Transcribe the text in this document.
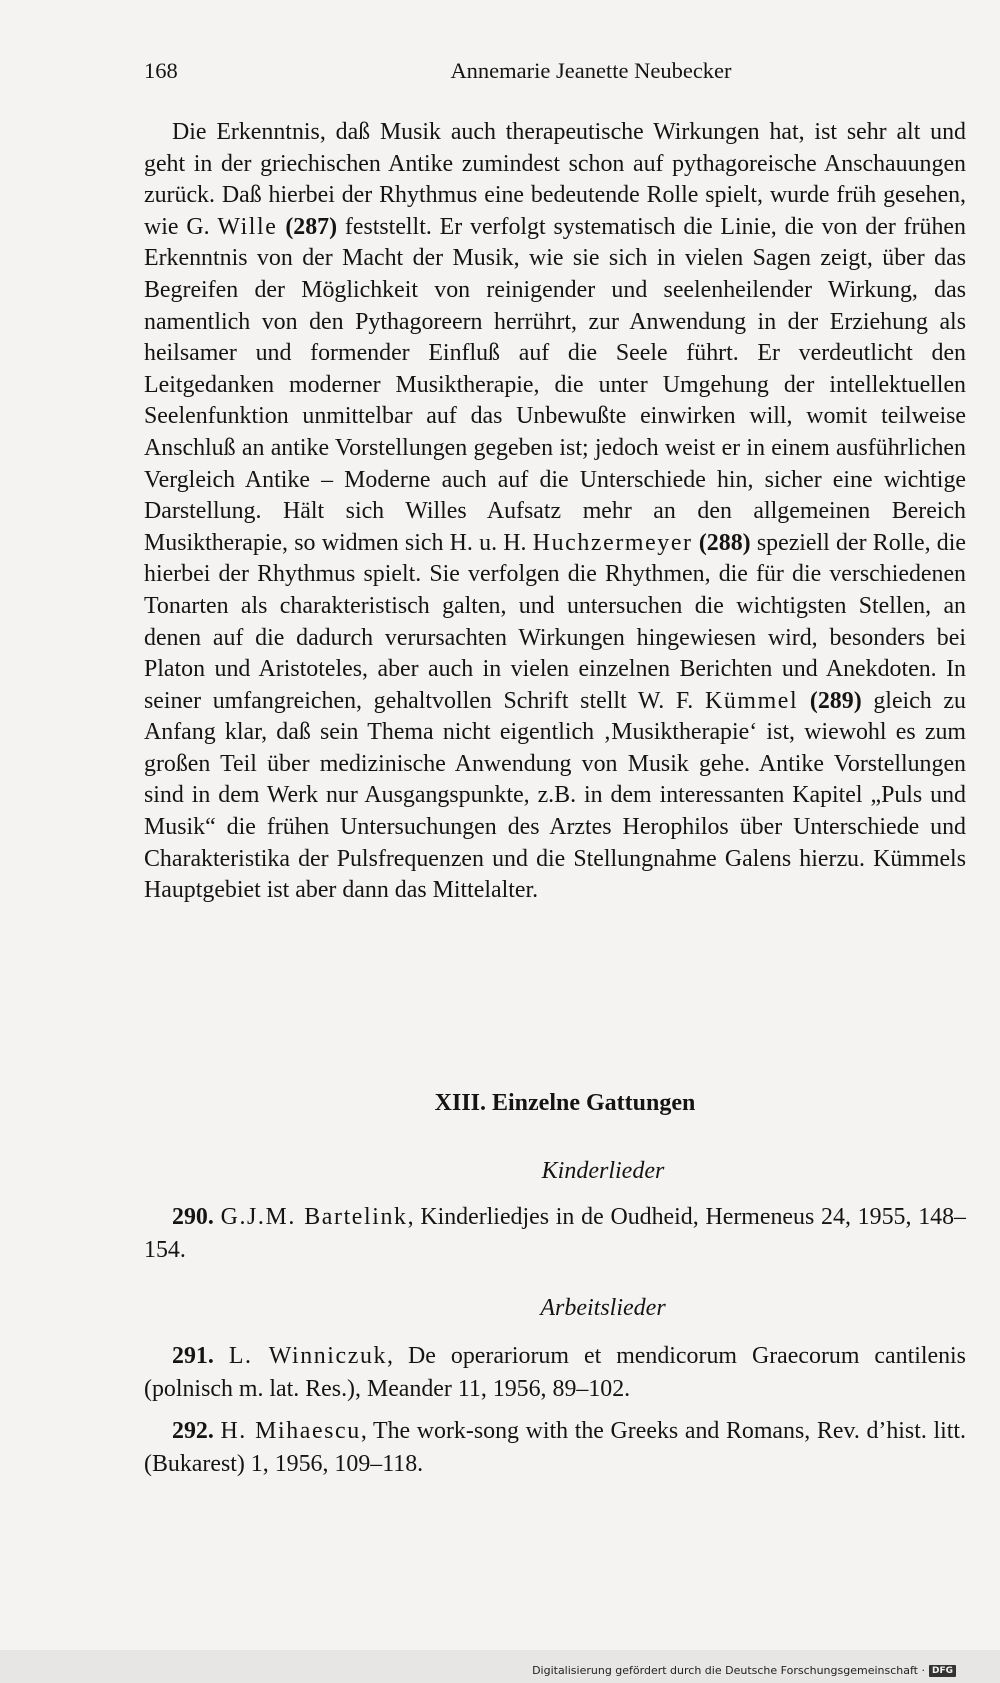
168	Annemarie Jeanette Neubecker

Die Erkenntnis, daß Musik auch therapeutische Wirkungen hat, ist sehr alt und geht in der griechischen Antike zumindest schon auf pythagoreische Anschauungen zurück. Daß hierbei der Rhythmus eine bedeutende Rolle spielt, wurde früh gesehen, wie G. Wille (287) feststellt. Er verfolgt systematisch die Linie, die von der frühen Erkenntnis von der Macht der Musik, wie sie sich in vielen Sagen zeigt, über das Begreifen der Möglichkeit von reinigender und seelenheilender Wirkung, das namentlich von den Pythagoreern herrührt, zur Anwendung in der Erziehung als heilsamer und formender Einfluß auf die Seele führt. Er verdeutlicht den Leitgedanken moderner Musiktherapie, die unter Umgehung der intellektuellen Seelenfunktion unmittelbar auf das Unbewußte einwirken will, womit teilweise Anschluß an antike Vorstellungen gegeben ist; jedoch weist er in einem ausführlichen Vergleich Antike – Moderne auch auf die Unterschiede hin, sicher eine wichtige Darstellung. Hält sich Willes Aufsatz mehr an den allgemeinen Bereich Musiktherapie, so widmen sich H. u. H. Huchzermeyer (288) speziell der Rolle, die hierbei der Rhythmus spielt. Sie verfolgen die Rhythmen, die für die verschiedenen Tonarten als charakteristisch galten, und untersuchen die wichtigsten Stellen, an denen auf die dadurch verursachten Wirkungen hingewiesen wird, besonders bei Platon und Aristoteles, aber auch in vielen einzelnen Berichten und Anekdoten. In seiner umfangreichen, gehaltvollen Schrift stellt W. F. Kümmel (289) gleich zu Anfang klar, daß sein Thema nicht eigentlich ‚Musiktherapie‘ ist, wiewohl es zum großen Teil über medizinische Anwendung von Musik gehe. Antike Vorstellungen sind in dem Werk nur Ausgangspunkte, z.B. in dem interessanten Kapitel „Puls und Musik“ die frühen Untersuchungen des Arztes Herophilos über Unterschiede und Charakteristika der Pulsfrequenzen und die Stellungnahme Galens hierzu. Kümmels Hauptgebiet ist aber dann das Mittelalter.

XIII. Einzelne Gattungen
Kinderlieder

290. G.J.M. Bartelink, Kinderliedjes in de Oudheid, Hermeneus 24, 1955, 148–154.

Arbeitslieder

291. L. Winniczuk, De operariorum et mendicorum Graecorum cantilenis (polnisch m. lat. Res.), Meander 11, 1956, 89–102.

292. H. Mihaescu, The work-song with the Greeks and Romans, Rev. d’hist. litt. (Bukarest) 1, 1956, 109–118.

Digitalisierung gefördert durch die Deutsche Forschungsgemeinschaft · DFG
